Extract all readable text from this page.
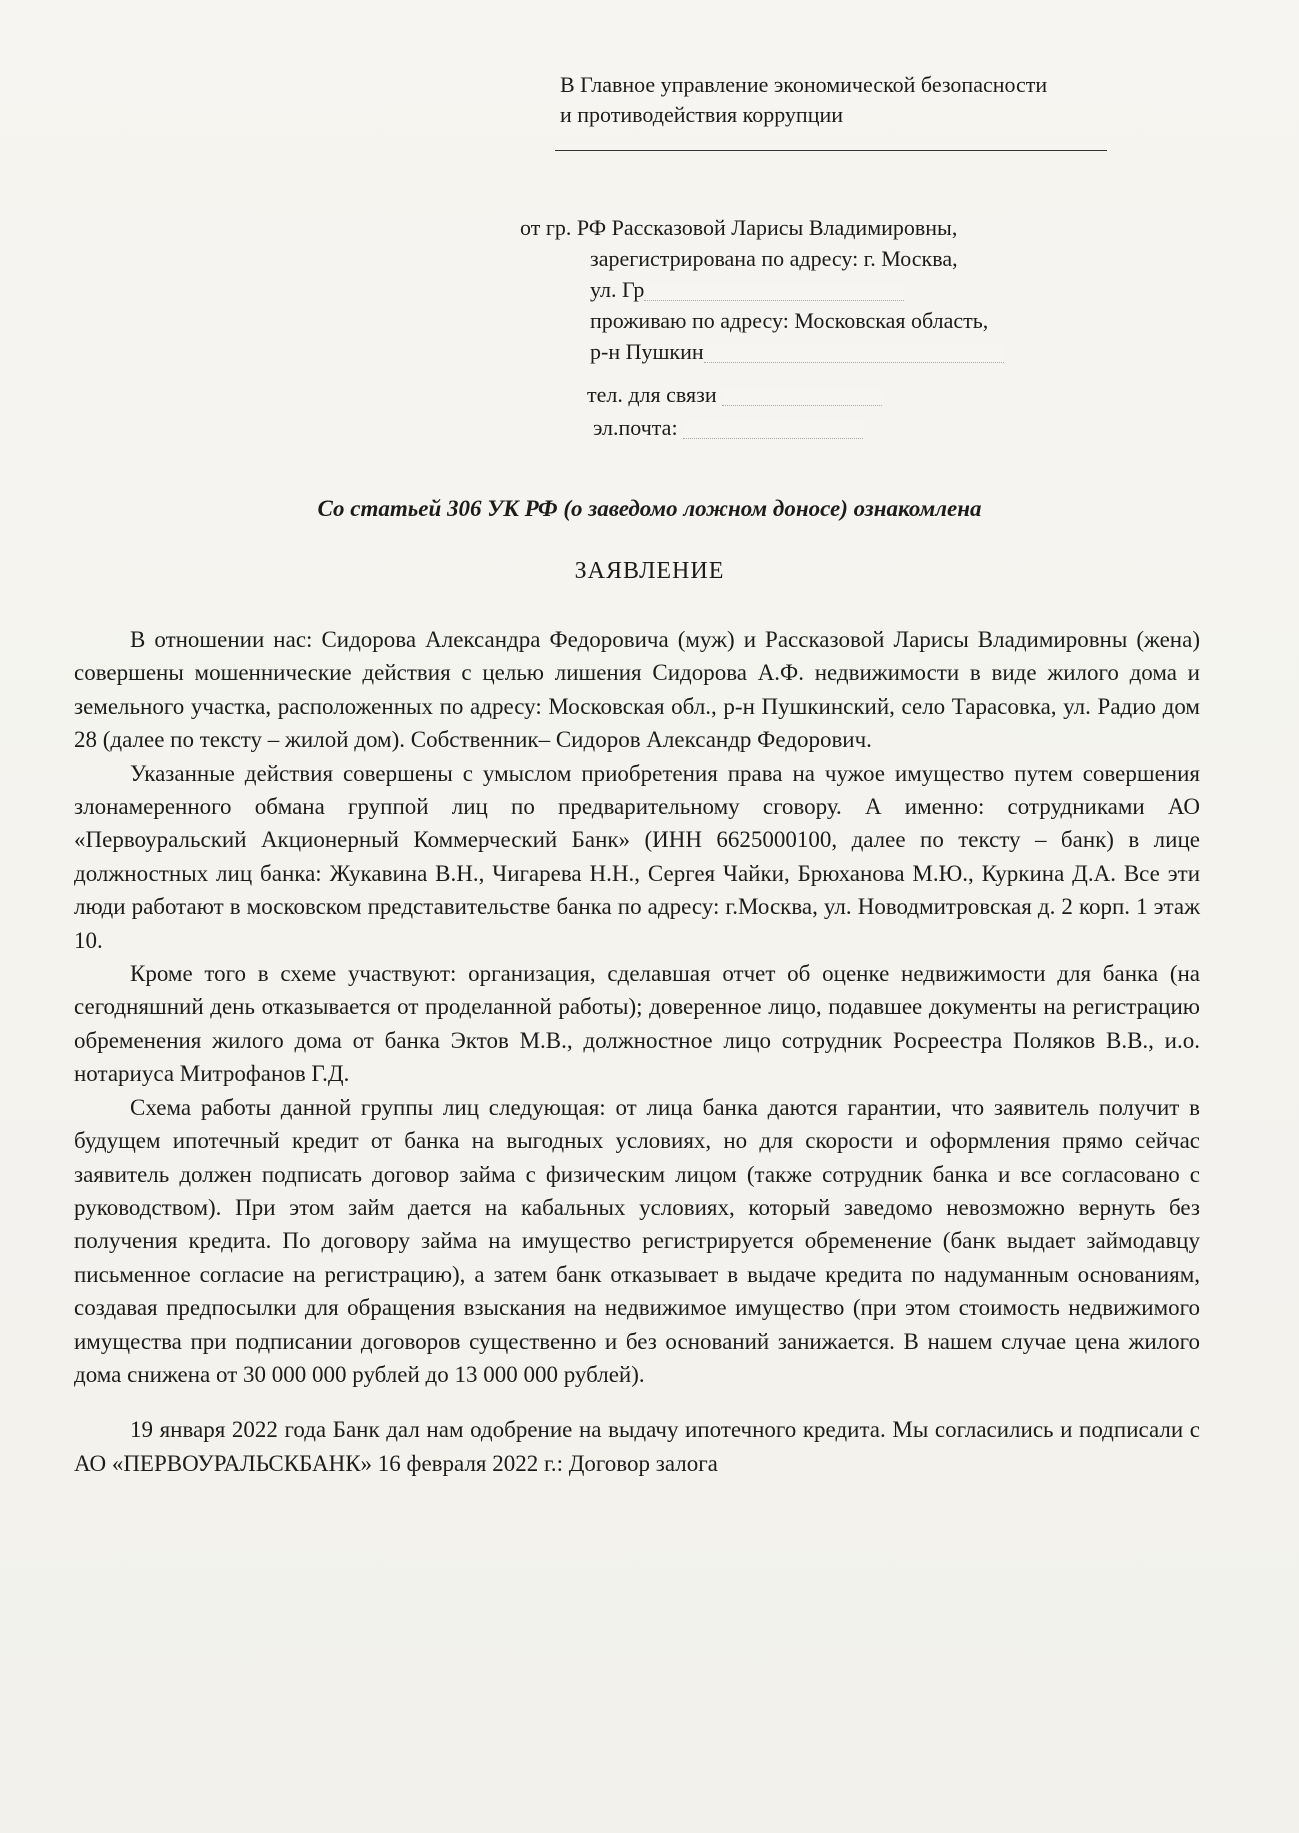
В Главное управление экономической безопасности
и противодействия коррупции
от гр. РФ Рассказовой Ларисы Владимировны,
зарегистрирована по адресу: г. Москва,
ул. Гр
проживаю по адресу: Московская область,
р-н Пушкин
тел. для связи
эл.почта:
Со статьей 306 УК РФ (о заведомо ложном доносе) ознакомлена
ЗАЯВЛЕНИЕ

В отношении нас: Сидорова Александра Федоровича (муж) и Рассказовой Ларисы Владимировны (жена) совершены мошеннические действия с целью лишения Сидорова А.Ф. недвижимости в виде жилого дома и земельного участка, расположенных по адресу: Московская обл., р-н Пушкинский, село Тарасовка, ул. Радио дом 28 (далее по тексту – жилой дом). Собственник– Сидоров Александр Федорович.

Указанные действия совершены с умыслом приобретения права на чужое имущество путем совершения злонамеренного обмана группой лиц по предварительному сговору. А именно: сотрудниками АО «Первоуральский Акционерный Коммерческий Банк» (ИНН 6625000100, далее по тексту – банк) в лице должностных лиц банка: Жукавина В.Н., Чигарева Н.Н., Сергея Чайки, Брюханова М.Ю., Куркина Д.А. Все эти люди работают в московском представительстве банка по адресу: г.Москва, ул. Новодмитровская д. 2 корп. 1 этаж 10.

Кроме того в схеме участвуют: организация, сделавшая отчет об оценке недвижимости для банка (на сегодняшний день отказывается от проделанной работы); доверенное лицо, подавшее документы на регистрацию обременения жилого дома от банка Эктов М.В., должностное лицо сотрудник Росреестра Поляков В.В., и.о. нотариуса Митрофанов Г.Д.

Схема работы данной группы лиц следующая: от лица банка даются гарантии, что заявитель получит в будущем ипотечный кредит от банка на выгодных условиях, но для скорости и оформления прямо сейчас заявитель должен подписать договор займа с физическим лицом (также сотрудник банка и все согласовано с руководством). При этом займ дается на кабальных условиях, который заведомо невозможно вернуть без получения кредита. По договору займа на имущество регистрируется обременение (банк выдает займодавцу письменное согласие на регистрацию), а затем банк отказывает в выдаче кредита по надуманным основаниям, создавая предпосылки для обращения взыскания на недвижимое имущество (при этом стоимость недвижимого имущества при подписании договоров существенно и без оснований занижается. В нашем случае цена жилого дома снижена от 30 000 000 рублей до 13 000 000 рублей).

19 января 2022 года Банк дал нам одобрение на выдачу ипотечного кредита. Мы согласились и подписали с АО «ПЕРВОУРАЛЬСКБАНК» 16 февраля 2022 г.: Договор залога
